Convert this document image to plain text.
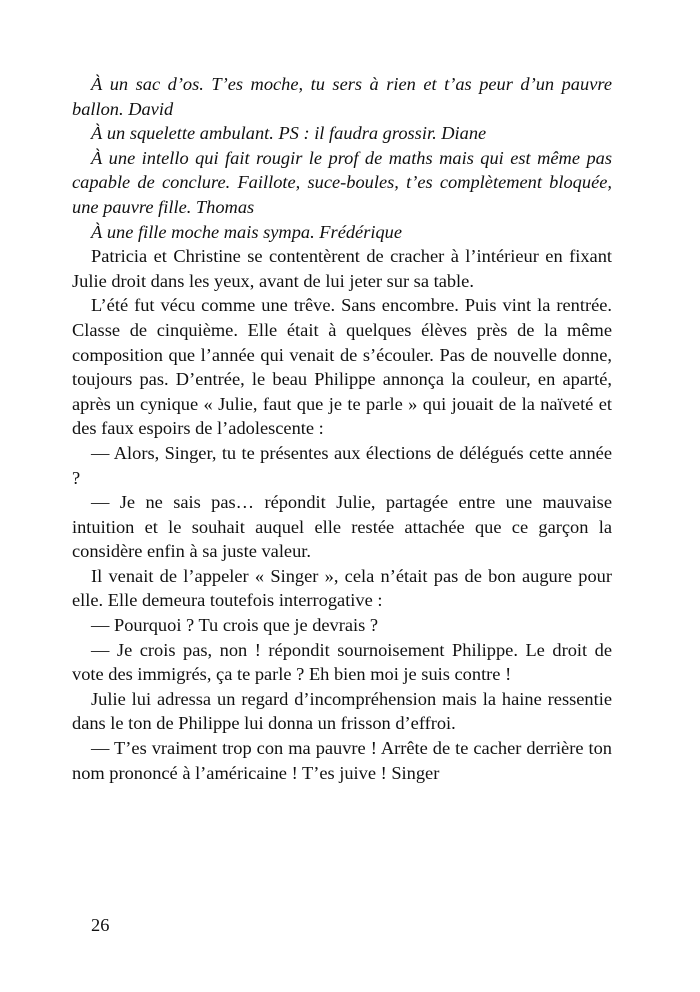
À un sac d’os. T’es moche, tu sers à rien et t’as peur d’un pauvre ballon. David

À un squelette ambulant. PS : il faudra grossir. Diane

À une intello qui fait rougir le prof de maths mais qui est même pas capable de conclure. Faillote, suce-boules, t’es complètement bloquée, une pauvre fille. Thomas

À une fille moche mais sympa. Frédérique

Patricia et Christine se contentèrent de cracher à l’intérieur en fixant Julie droit dans les yeux, avant de lui jeter sur sa table.

L’été fut vécu comme une trêve. Sans encombre. Puis vint la rentrée. Classe de cinquième. Elle était à quelques élèves près de la même composition que l’année qui venait de s’écouler. Pas de nouvelle donne, toujours pas. D’entrée, le beau Philippe annonça la couleur, en aparté, après un cynique « Julie, faut que je te parle » qui jouait de la naïveté et des faux espoirs de l’adolescente :

— Alors, Singer, tu te présentes aux élections de délégués cette année ?

— Je ne sais pas… répondit Julie, partagée entre une mauvaise intuition et le souhait auquel elle restée attachée que ce garçon la considère enfin à sa juste valeur.

Il venait de l’appeler « Singer », cela n’était pas de bon augure pour elle. Elle demeura toutefois interrogative :

— Pourquoi ? Tu crois que je devrais ?

— Je crois pas, non ! répondit sournoisement Philippe. Le droit de vote des immigrés, ça te parle ? Eh bien moi je suis contre !

Julie lui adressa un regard d’incompréhension mais la haine ressentie dans le ton de Philippe lui donna un frisson d’effroi.

— T’es vraiment trop con ma pauvre ! Arrête de te cacher derrière ton nom prononcé à l’américaine ! T’es juive ! Singer

26
